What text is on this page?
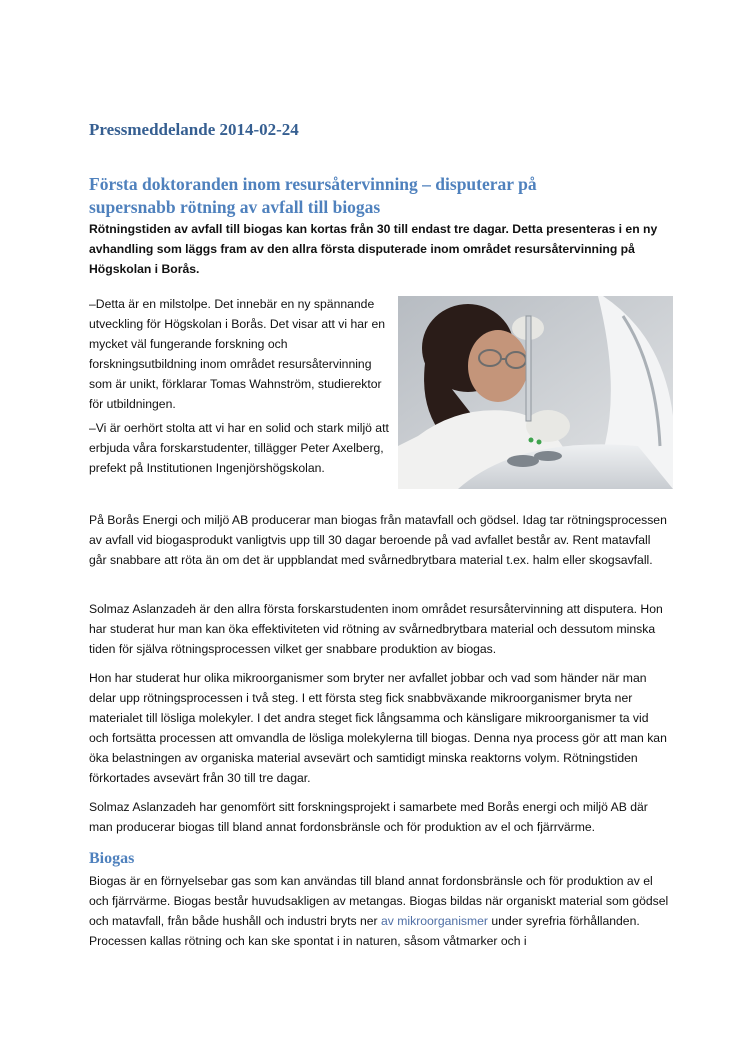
Pressmeddelande 2014-02-24
Första doktoranden inom resursåtervinning – disputerar på supersnabb rötning av avfall till biogas

Rötningstiden av avfall till biogas kan kortas från 30 till endast tre dagar. Detta presenteras i en ny avhandling som läggs fram av den allra första disputerade inom området resursåtervinning på Högskolan i Borås.

–Detta är en milstolpe. Det innebär en ny spännande utveckling för Högskolan i Borås. Det visar att vi har en mycket väl fungerande forskning och forskningsutbildning inom området resursåtervinning som är unikt, förklarar Tomas Wahnström, studierektor för utbildningen.

–Vi är oerhört stolta att vi har en solid och stark miljö att erbjuda våra forskarstudenter, tillägger Peter Axelberg, prefekt på Institutionen Ingenjörshögskolan.

På Borås Energi och miljö AB producerar man biogas från matavfall och gödsel. Idag tar rötningsprocessen av avfall vid biogasprodukt vanligtvis upp till 30 dagar beroende på vad avfallet består av. Rent matavfall går snabbare att röta än om det är uppblandat med svårnedbrytbara material t.ex. halm eller skogsavfall.

Solmaz Aslanzadeh är den allra första forskarstudenten inom området resursåtervinning att disputera. Hon har studerat hur man kan öka effektiviteten vid rötning av svårnedbrytbara material och dessutom minska tiden för själva rötningsprocessen vilket ger snabbare produktion av biogas.

Hon har studerat hur olika mikroorganismer som bryter ner avfallet jobbar och vad som händer när man delar upp rötningsprocessen i två steg. I ett första steg fick snabbväxande mikroorganismer bryta ner materialet till lösliga molekyler. I det andra steget fick långsamma och känsligare mikroorganismer ta vid och fortsätta processen att omvandla de lösliga molekylerna till biogas. Denna nya process gör att man kan öka belastningen av organiska material avsevärt och samtidigt minska reaktorns volym. Rötningstiden förkortades avsevärt från 30 till tre dagar.

Solmaz Aslanzadeh har genomfört sitt forskningsprojekt i samarbete med Borås energi och miljö AB där man producerar biogas till bland annat fordonsbränsle och för produktion av el och fjärrvärme.

Biogas

Biogas är en förnyelsebar gas som kan användas till bland annat fordonsbränsle och för produktion av el och fjärrvärme. Biogas består huvudsakligen av metangas. Biogas bildas när organiskt material som gödsel och matavfall, från både hushåll och industri bryts ner av mikroorganismer under syrefria förhållanden. Processen kallas rötning och kan ske spontat i in naturen, såsom våtmarker och i
